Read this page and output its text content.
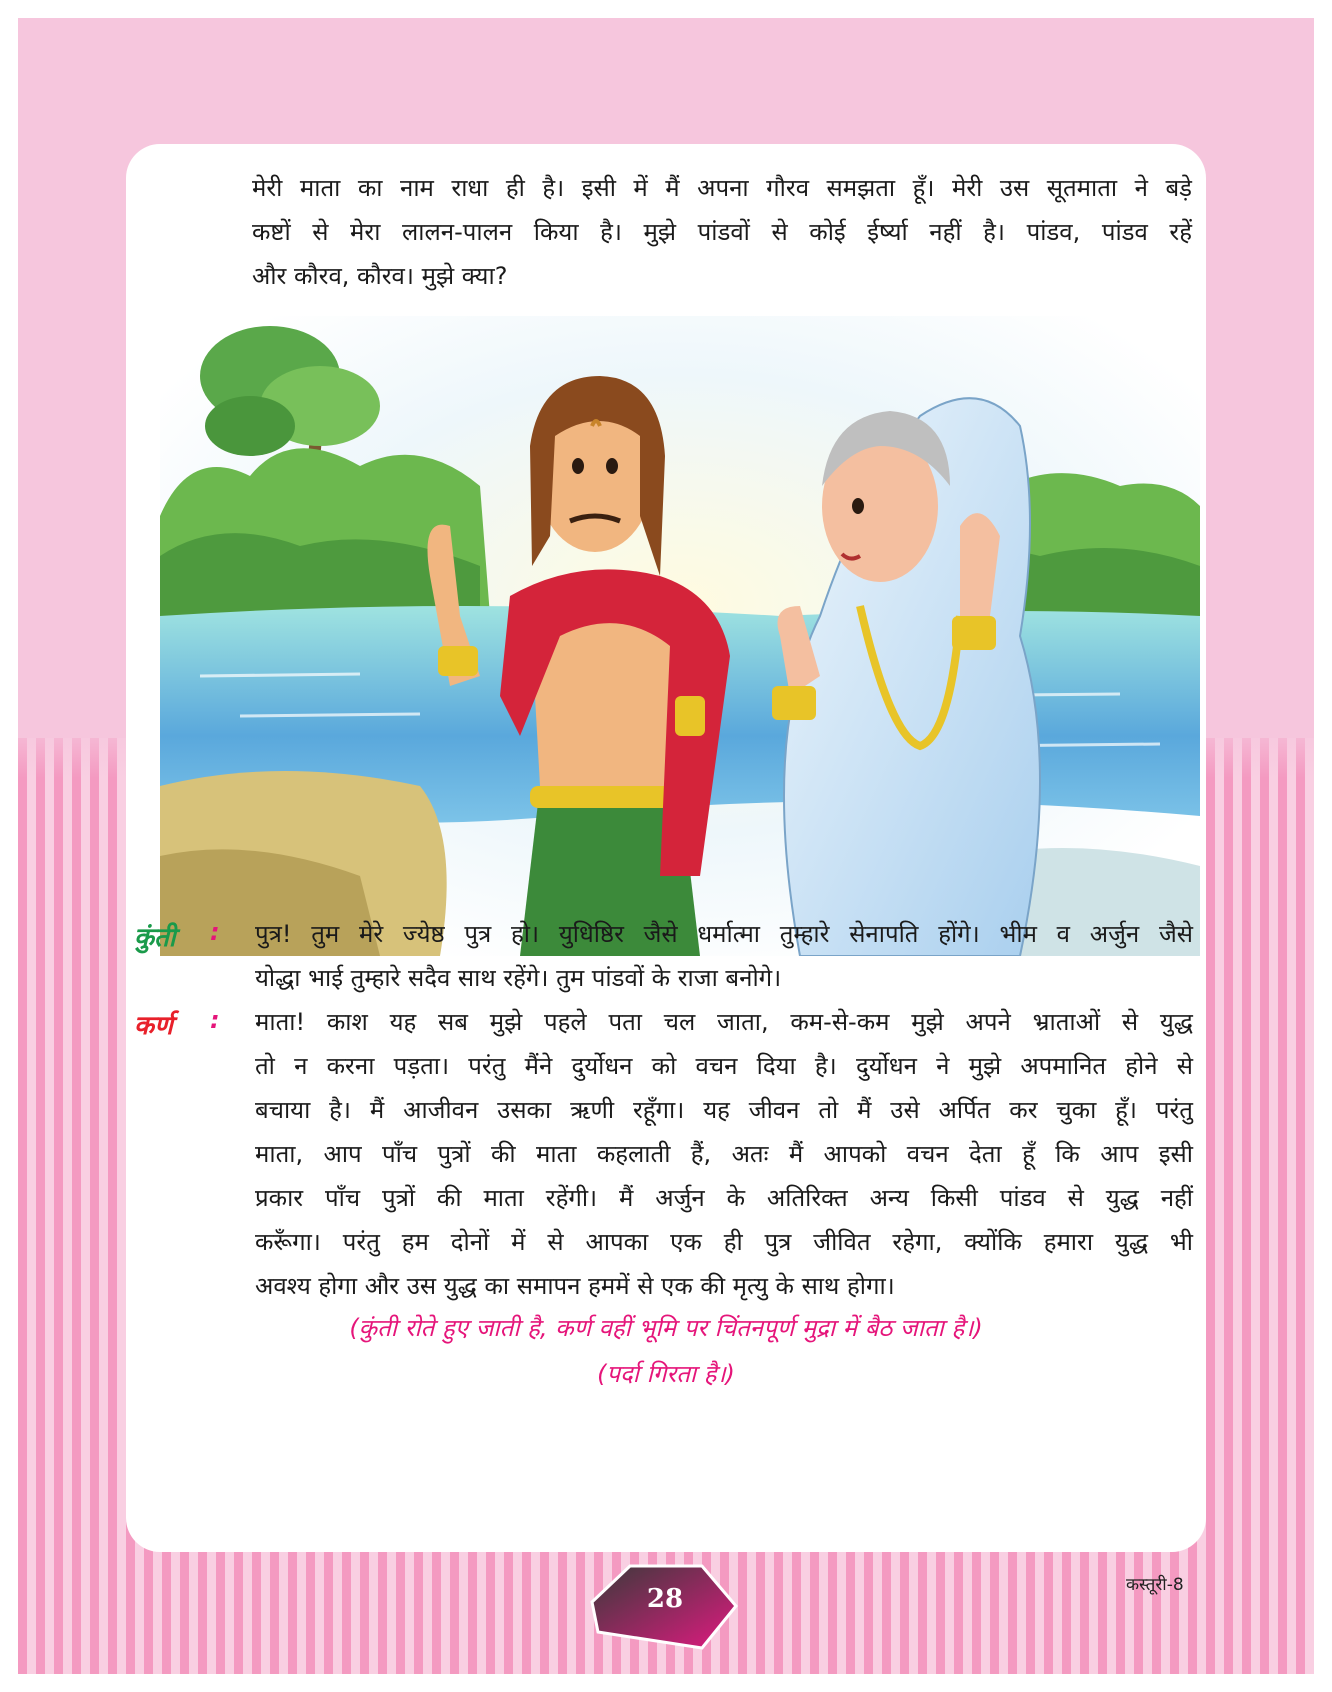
मेरी माता का नाम राधा ही है। इसी में मैं अपना गौरव समझता हूँ। मेरी उस सूतमाता ने बड़े
कष्टों से मेरा लालन-पालन किया है। मुझे पांडवों से कोई ईर्ष्या नहीं है। पांडव, पांडव रहें
और कौरव, कौरव। मुझे क्या?
कुंती : पुत्र! तुम मेरे ज्येष्ठ पुत्र हो। युधिष्ठिर जैसे धर्मात्मा तुम्हारे सेनापति होंगे। भीम व अर्जुन जैसे
योद्धा भाई तुम्हारे सदैव साथ रहेंगे। तुम पांडवों के राजा बनोगे।
कर्ण : माता! काश यह सब मुझे पहले पता चल जाता, कम-से-कम मुझे अपने भ्राताओं से युद्ध
तो न करना पड़ता। परंतु मैंने दुर्योधन को वचन दिया है। दुर्योधन ने मुझे अपमानित होने से
बचाया है। मैं आजीवन उसका ऋणी रहूँगा। यह जीवन तो मैं उसे अर्पित कर चुका हूँ। परंतु
माता, आप पाँच पुत्रों की माता कहलाती हैं, अतः मैं आपको वचन देता हूँ कि आप इसी
प्रकार पाँच पुत्रों की माता रहेंगी। मैं अर्जुन के अतिरिक्त अन्य किसी पांडव से युद्ध नहीं
करूँगा। परंतु हम दोनों में से आपका एक ही पुत्र जीवित रहेगा, क्योंकि हमारा युद्ध भी
अवश्य होगा और उस युद्ध का समापन हममें से एक की मृत्यु के साथ होगा।
(कुंती रोते हुए जाती है, कर्ण वहीं भूमि पर चिंतनपूर्ण मुद्रा में बैठ जाता है।)
(पर्दा गिरता है।)
28	कस्तूरी-8
